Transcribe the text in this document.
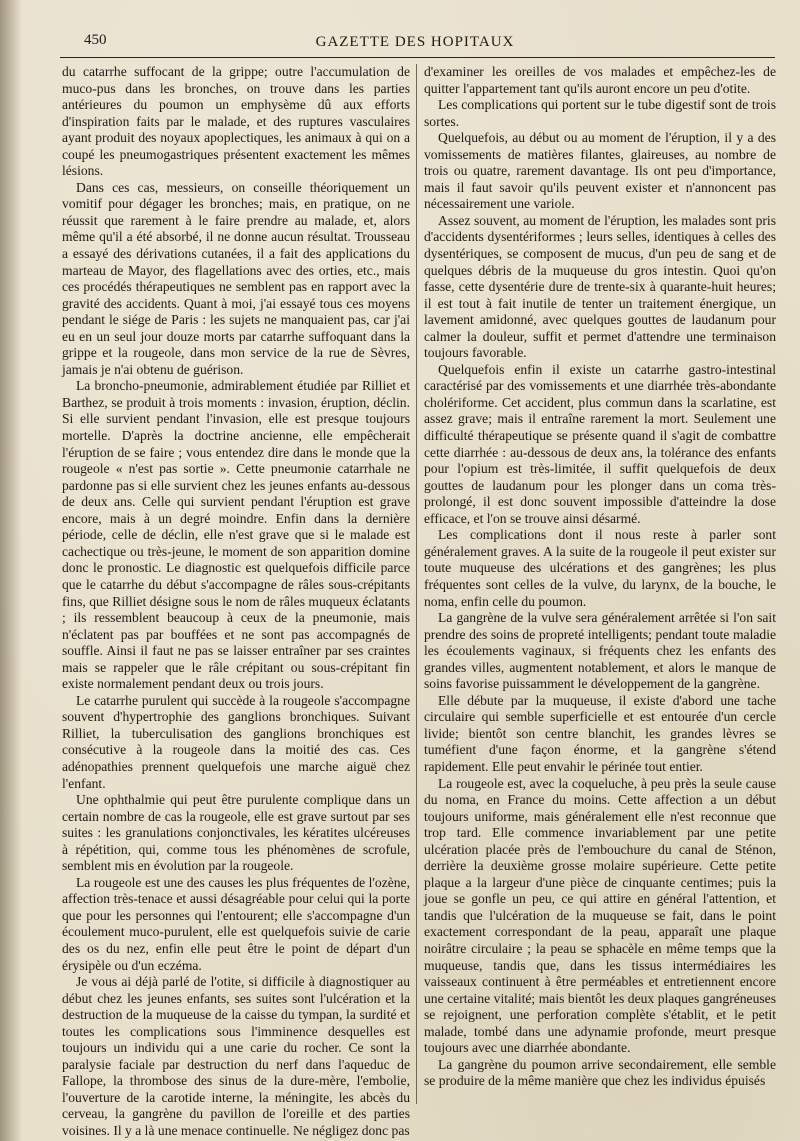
450	GAZETTE DES HOPITAUX

du catarrhe suffocant de la grippe; outre l'accumulation de muco-pus dans les bronches, on trouve dans les parties antérieures du poumon un emphysème dû aux efforts d'inspiration faits par le malade, et des ruptures vasculaires ayant produit des noyaux apoplectiques, les animaux à qui on a coupé les pneumogastriques présentent exactement les mêmes lésions.

Dans ces cas, messieurs, on conseille théoriquement un vomitif pour dégager les bronches; mais, en pratique, on ne réussit que rarement à le faire prendre au malade, et, alors même qu'il a été absorbé, il ne donne aucun résultat. Trousseau a essayé des dérivations cutanées, il a fait des applications du marteau de Mayor, des flagellations avec des orties, etc., mais ces procédés thérapeutiques ne semblent pas en rapport avec la gravité des accidents. Quant à moi, j'ai essayé tous ces moyens pendant le siége de Paris : les sujets ne manquaient pas, car j'ai eu en un seul jour douze morts par catarrhe suffoquant dans la grippe et la rougeole, dans mon service de la rue de Sèvres, jamais je n'ai obtenu de guérison.

La broncho-pneumonie, admirablement étudiée par Rilliet et Barthez, se produit à trois moments : invasion, éruption, déclin. Si elle survient pendant l'invasion, elle est presque toujours mortelle. D'après la doctrine ancienne, elle empêcherait l'éruption de se faire ; vous entendez dire dans le monde que la rougeole « n'est pas sortie ». Cette pneumonie catarrhale ne pardonne pas si elle survient chez les jeunes enfants au-dessous de deux ans. Celle qui survient pendant l'éruption est grave encore, mais à un degré moindre. Enfin dans la dernière période, celle de déclin, elle n'est grave que si le malade est cachectique ou très-jeune, le moment de son apparition domine donc le pronostic. Le diagnostic est quelquefois difficile parce que le catarrhe du début s'accompagne de râles sous-crépitants fins, que Rilliet désigne sous le nom de râles muqueux éclatants ; ils ressemblent beaucoup à ceux de la pneumonie, mais n'éclatent pas par bouffées et ne sont pas accompagnés de souffle. Ainsi il faut ne pas se laisser entraîner par ses craintes mais se rappeler que le râle crépitant ou sous-crépitant fin existe normalement pendant deux ou trois jours.

Le catarrhe purulent qui succède à la rougeole s'accompagne souvent d'hypertrophie des ganglions bronchiques. Suivant Rilliet, la tuberculisation des ganglions bronchiques est consécutive à la rougeole dans la moitié des cas. Ces adénopathies prennent quelquefois une marche aiguë chez l'enfant.

Une ophthalmie qui peut être purulente complique dans un certain nombre de cas la rougeole, elle est grave surtout par ses suites : les granulations conjonctivales, les kératites ulcéreuses à répétition, qui, comme tous les phénomènes de scrofule, semblent mis en évolution par la rougeole.

La rougeole est une des causes les plus fréquentes de l'ozène, affection très-tenace et aussi désagréable pour celui qui la porte que pour les personnes qui l'entourent; elle s'accompagne d'un écoulement muco-purulent, elle est quelquefois suivie de carie des os du nez, enfin elle peut être le point de départ d'un érysipèle ou d'un eczéma.

Je vous ai déjà parlé de l'otite, si difficile à diagnostiquer au début chez les jeunes enfants, ses suites sont l'ulcération et la destruction de la muqueuse de la caisse du tympan, la surdité et toutes les complications sous l'imminence desquelles est toujours un individu qui a une carie du rocher. Ce sont la paralysie faciale par destruction du nerf dans l'aqueduc de Fallope, la thrombose des sinus de la dure-mère, l'embolie, l'ouverture de la carotide interne, la méningite, les abcès du cerveau, la gangrène du pavillon de l'oreille et des parties voisines. Il y a là une menace continuelle. Ne négligez donc pas

d'examiner les oreilles de vos malades et empêchez-les de quitter l'appartement tant qu'ils auront encore un peu d'otite.

Les complications qui portent sur le tube digestif sont de trois sortes.

Quelquefois, au début ou au moment de l'éruption, il y a des vomissements de matières filantes, glaireuses, au nombre de trois ou quatre, rarement davantage. Ils ont peu d'importance, mais il faut savoir qu'ils peuvent exister et n'annoncent pas nécessairement une variole.

Assez souvent, au moment de l'éruption, les malades sont pris d'accidents dysentériformes ; leurs selles, identiques à celles des dysentériques, se composent de mucus, d'un peu de sang et de quelques débris de la muqueuse du gros intestin. Quoi qu'on fasse, cette dysentérie dure de trente-six à quarante-huit heures; il est tout à fait inutile de tenter un traitement énergique, un lavement amidonné, avec quelques gouttes de laudanum pour calmer la douleur, suffit et permet d'attendre une terminaison toujours favorable.

Quelquefois enfin il existe un catarrhe gastro-intestinal caractérisé par des vomissements et une diarrhée très-abondante cholériforme. Cet accident, plus commun dans la scarlatine, est assez grave; mais il entraîne rarement la mort. Seulement une difficulté thérapeutique se présente quand il s'agit de combattre cette diarrhée : au-dessous de deux ans, la tolérance des enfants pour l'opium est très-limitée, il suffit quelquefois de deux gouttes de laudanum pour les plonger dans un coma très-prolongé, il est donc souvent impossible d'atteindre la dose efficace, et l'on se trouve ainsi désarmé.

Les complications dont il nous reste à parler sont généralement graves. A la suite de la rougeole il peut exister sur toute muqueuse des ulcérations et des gangrènes; les plus fréquentes sont celles de la vulve, du larynx, de la bouche, le noma, enfin celle du poumon.

La gangrène de la vulve sera généralement arrêtée si l'on sait prendre des soins de propreté intelligents; pendant toute maladie les écoulements vaginaux, si fréquents chez les enfants des grandes villes, augmentent notablement, et alors le manque de soins favorise puissamment le développement de la gangrène.

Elle débute par la muqueuse, il existe d'abord une tache circulaire qui semble superficielle et est entourée d'un cercle livide; bientôt son centre blanchit, les grandes lèvres se tuméfient d'une façon énorme, et la gangrène s'étend rapidement. Elle peut envahir le périnée tout entier.

La rougeole est, avec la coqueluche, à peu près la seule cause du noma, en France du moins. Cette affection a un début toujours uniforme, mais généralement elle n'est reconnue que trop tard. Elle commence invariablement par une petite ulcération placée près de l'embouchure du canal de Sténon, derrière la deuxième grosse molaire supérieure. Cette petite plaque a la largeur d'une pièce de cinquante centimes; puis la joue se gonfle un peu, ce qui attire en général l'attention, et tandis que l'ulcération de la muqueuse se fait, dans le point exactement correspondant de la peau, apparaît une plaque noirâtre circulaire ; la peau se sphacèle en même temps que la muqueuse, tandis que, dans les tissus intermédiaires les vaisseaux continuent à être perméables et entretiennent encore une certaine vitalité; mais bientôt les deux plaques gangréneuses se rejoignent, une perforation complète s'établit, et le petit malade, tombé dans une adynamie profonde, meurt presque toujours avec une diarrhée abondante.

La gangrène du poumon arrive secondairement, elle semble se produire de la même manière que chez les individus épuisés
